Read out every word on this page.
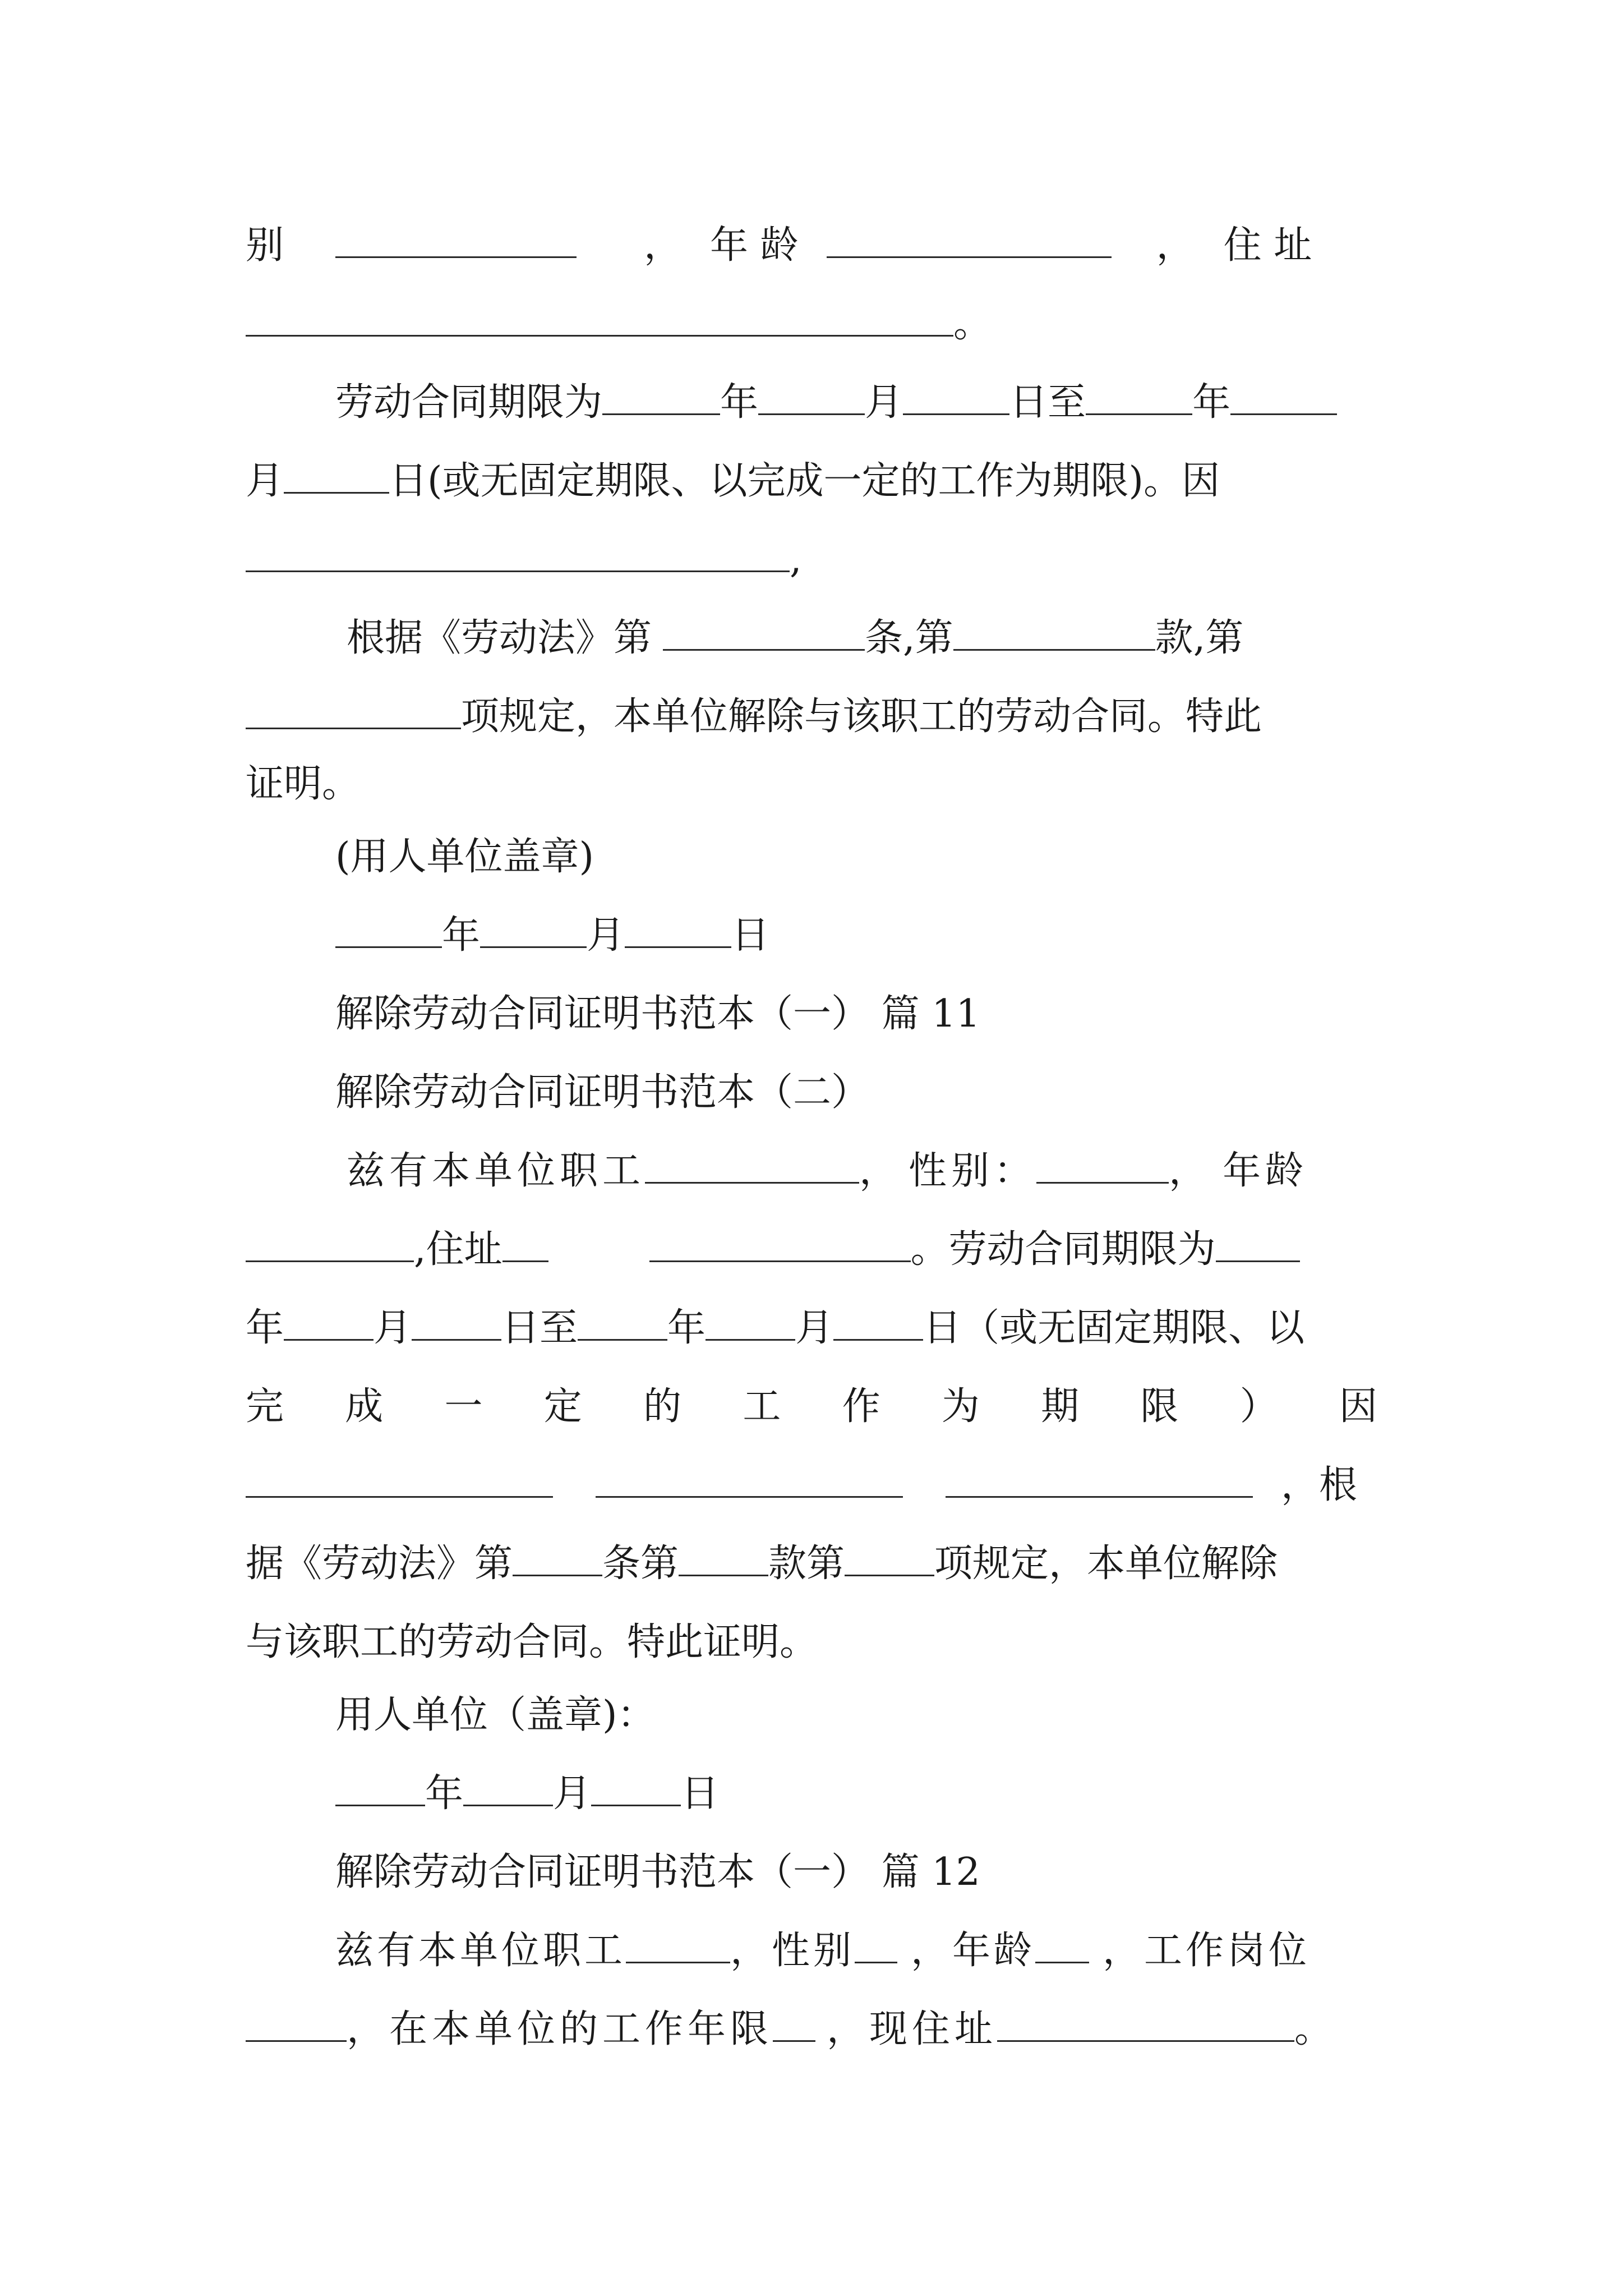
别	， 年 龄	， 住 址
。
劳动合同期限为	年	月	日至	年
月	日(或无固定期限、以完成一定的工作为期限)。因
,
根据《劳动法》第	条,第	款,第
项规定，本单位解除与该职工的劳动合同。特此
证明。
(用人单位盖章)
年	月	日
解除劳动合同证明书范本（一） 篇 11
解除劳动合同证明书范本（二）
兹有本单位职工	， 性别：	， 年龄
,住址	。劳动合同期限为
年 月 日至 年 月 日（或无固定期限、以
完 成 一 定 的 工 作 为 期 限 ） 因
，根
据《劳动法》第 条第 款第 项规定，本单位解除
与该职工的劳动合同。特此证明。
用人单位（盖章)：
年 月 日
解除劳动合同证明书范本（一） 篇 12
兹有本单位职工	，性别 ，年龄 ，工作岗位
，在本单位的工作年限 ，现住址	。
